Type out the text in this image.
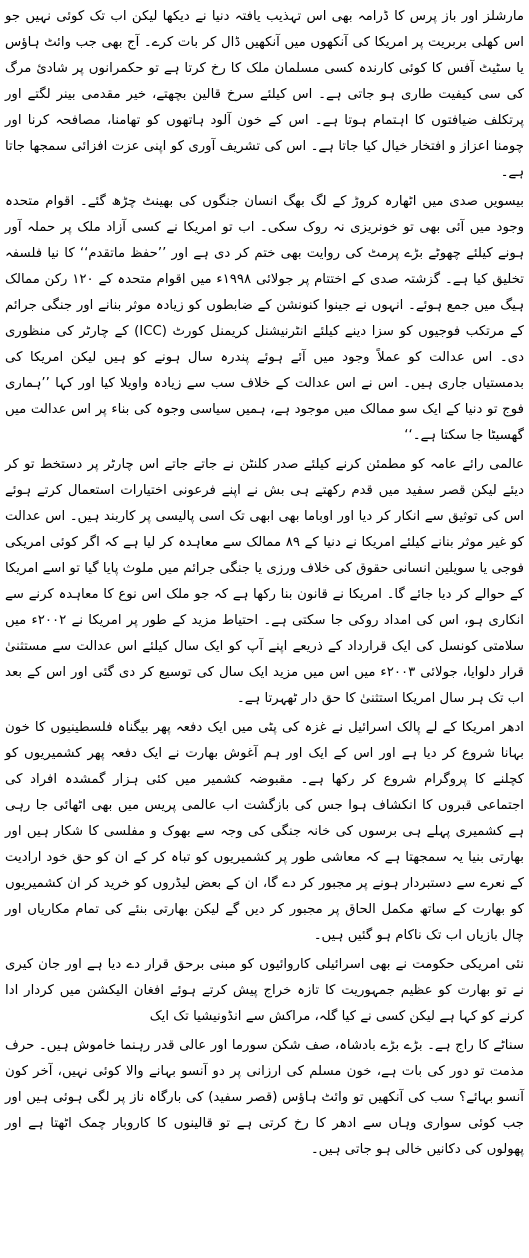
مارشلز اور باز پرس کا ڈرامہ بھی اس تہذیب یافتہ دنیا نے دیکھا لیکن اب تک کوئی نہیں جو اس کھلی بربریت پر امریکا کی آنکھوں میں آنکھیں ڈال کر بات کرے۔ آج بھی جب وائٹ ہاؤس یا سٹیٹ آفس کا کوئی کارندہ کسی مسلمان ملک کا رخ کرتا ہے تو حکمرانوں پر شادیٔ مرگ کی سی کیفیت طاری ہو جاتی ہے۔ اس کیلئے سرخ قالین بچھتے، خیر مقدمی بینر لگتے اور پرتکلف ضیافتوں کا اہتمام ہوتا ہے۔ اس کے خون آلود ہاتھوں کو تھامنا، مصافحہ کرنا اور چومنا اعزاز و افتخار خیال کیا جاتا ہے۔ اس کی تشریف آوری کو اپنی عزت افزائی سمجھا جاتا ہے۔

بیسویں صدی میں اٹھارہ کروڑ کے لگ بھگ انسان جنگوں کی بھینٹ چڑھ گئے۔ اقوام متحدہ وجود میں آئی بھی تو خونریزی نہ روک سکی۔ اب تو امریکا نے کسی آزاد ملک پر حملہ آور ہونے کیلئے چھوٹے بڑے پرمٹ کی روایت بھی ختم کر دی ہے اور ’’حفظ ماتقدم‘‘ کا نیا فلسفہ تخلیق کیا ہے۔ گزشتہ صدی کے اختتام پر جولائی ۱۹۹۸ء میں اقوام متحدہ کے ۱۲۰ رکن ممالک ہیگ میں جمع ہوئے۔ انہوں نے جینوا کنونشن کے ضابطوں کو زیادہ موثر بنانے اور جنگی جرائم کے مرتکب فوجیوں کو سزا دینے کیلئے انٹرنیشنل کریمنل کورٹ (ICC) کے چارٹر کی منظوری دی۔ اس عدالت کو عملاً وجود میں آئے ہوئے پندرہ سال ہونے کو ہیں لیکن امریکا کی بدمستیاں جاری ہیں۔ اس نے اس عدالت کے خلاف سب سے زیادہ واویلا کیا اور کہا ’’ہماری فوج تو دنیا کے ایک سو ممالک میں موجود ہے، ہمیں سیاسی وجوہ کی بناء پر اس عدالت میں گھسیٹا جا سکتا ہے۔‘‘

عالمی رائے عامہ کو مطمئن کرنے کیلئے صدر کلنٹن نے جاتے جاتے اس چارٹر پر دستخط تو کر دیئے لیکن قصر سفید میں قدم رکھتے ہی بش نے اپنے فرعونی اختیارات استعمال کرتے ہوئے اس کی توثیق سے انکار کر دیا اور اوباما بھی ابھی تک اسی پالیسی پر کاربند ہیں۔ اس عدالت کو غیر موثر بنانے کیلئے امریکا نے دنیا کے ۸۹ ممالک سے معاہدہ کر لیا ہے کہ اگر کوئی امریکی فوجی یا سویلین انسانی حقوق کی خلاف ورزی یا جنگی جرائم میں ملوث پایا گیا تو اسے امریکا کے حوالے کر دیا جائے گا۔ امریکا نے قانون بنا رکھا ہے کہ جو ملک اس نوع کا معاہدہ کرنے سے انکاری ہو، اس کی امداد روکی جا سکتی ہے۔ احتیاط مزید کے طور پر امریکا نے ۲۰۰۲ء میں سلامتی کونسل کی ایک قرارداد کے ذریعے اپنے آپ کو ایک سال کیلئے اس عدالت سے مستثنیٰ قرار دلوایا، جولائی ۲۰۰۳ء میں اس میں مزید ایک سال کی توسیع کر دی گئی اور اس کے بعد اب تک ہر سال امریکا استثنیٰ کا حق دار ٹھہرتا ہے۔

ادھر امریکا کے لے پالک اسرائیل نے غزہ کی پٹی میں ایک دفعہ پھر بیگناہ فلسطینیوں کا خون بہانا شروع کر دیا ہے اور اس کے ایک اور ہم آغوش بھارت نے ایک دفعہ پھر کشمیریوں کو کچلنے کا پروگرام شروع کر رکھا ہے۔ مقبوضہ کشمیر میں کئی ہزار گمشدہ افراد کی اجتماعی قبروں کا انکشاف ہوا جس کی بازگشت اب عالمی پریس میں بھی اٹھائی جا رہی ہے کشمیری پہلے ہی برسوں کی خانہ جنگی کی وجہ سے بھوک و مفلسی کا شکار ہیں اور بھارتی بنیا یہ سمجھتا ہے کہ معاشی طور پر کشمیریوں کو تباہ کر کے ان کو حق خود ارادیت کے نعرے سے دستبردار ہونے پر مجبور کر دے گا، ان کے بعض لیڈروں کو خرید کر ان کشمیریوں کو بھارت کے ساتھ مکمل الحاق پر مجبور کر دیں گے لیکن بھارتی بنئے کی تمام مکاریاں اور چال بازیاں اب تک ناکام ہو گئیں ہیں۔

نئی امریکی حکومت نے بھی اسرائیلی کاروائیوں کو مبنی برحق قرار دے دیا ہے اور جان کیری نے تو بھارت کو عظیم جمہوریت کا تازہ خراج پیش کرتے ہوئے افغان الیکشن میں کردار ادا کرنے کو کہا ہے لیکن کسی نے کیا گلہ، مراکش سے انڈونیشیا تک ایک

سناٹے کا راج ہے۔ بڑے بڑے بادشاہ، صف شکن سورما اور عالی قدر رہنما خاموش ہیں۔ حرف مذمت تو دور کی بات ہے، خون مسلم کی ارزانی پر دو آنسو بہانے والا کوئی نہیں، آخر کون آنسو بہائے؟ سب کی آنکھیں تو وائٹ ہاؤس (قصر سفید) کی بارگاہ ناز پر لگی ہوئی ہیں اور جب کوئی سواری وہاں سے ادھر کا رخ کرتی ہے تو قالینوں کا کاروبار چمک اٹھتا ہے اور پھولوں کی دکانیں خالی ہو جاتی ہیں۔
